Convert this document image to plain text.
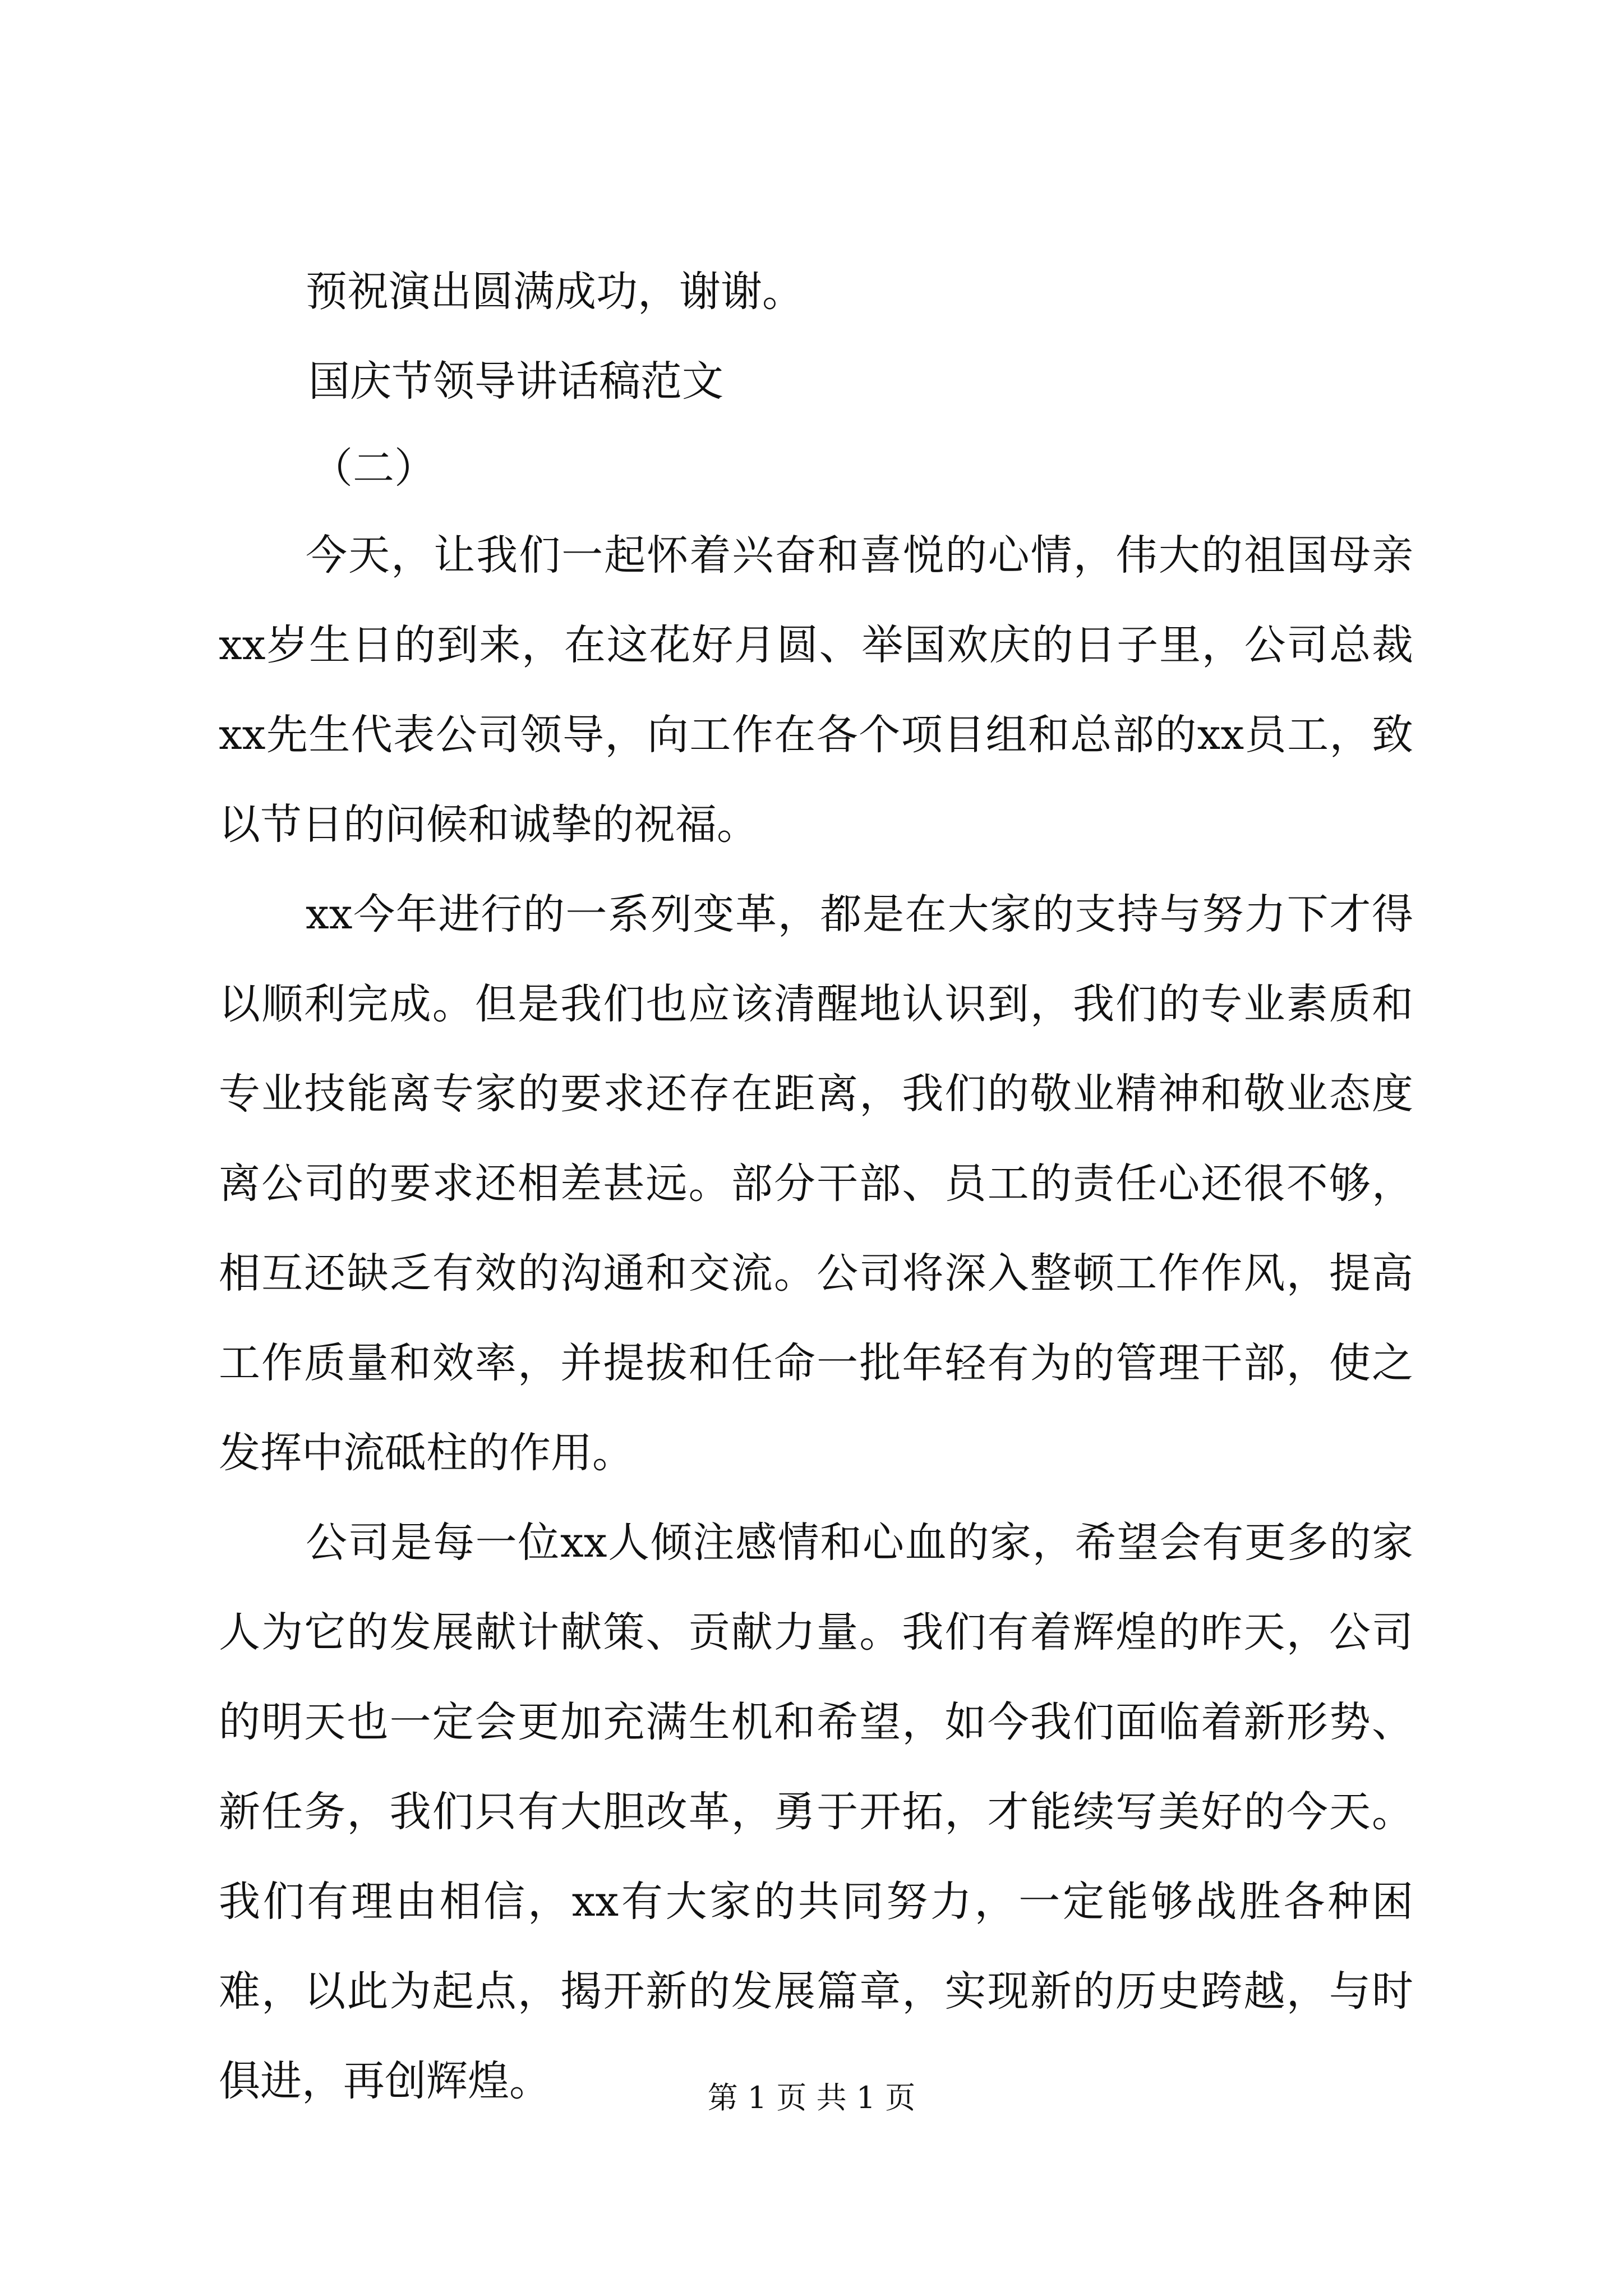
预祝演出圆满成功，谢谢。
国庆节领导讲话稿范文
（二）

今天，让我们一起怀着兴奋和喜悦的心情，伟大的祖国母亲xx岁生日的到来，在这花好月圆、举国欢庆的日子里，公司总裁xx先生代表公司领导，向工作在各个项目组和总部的xx员工，致以节日的问候和诚挚的祝福。

xx今年进行的一系列变革，都是在大家的支持与努力下才得以顺利完成。但是我们也应该清醒地认识到，我们的专业素质和专业技能离专家的要求还存在距离，我们的敬业精神和敬业态度离公司的要求还相差甚远。部分干部、员工的责任心还很不够，相互还缺乏有效的沟通和交流。公司将深入整顿工作作风，提高工作质量和效率，并提拔和任命一批年轻有为的管理干部，使之发挥中流砥柱的作用。

公司是每一位xx人倾注感情和心血的家，希望会有更多的家人为它的发展献计献策、贡献力量。我们有着辉煌的昨天，公司的明天也一定会更加充满生机和希望，如今我们面临着新形势、新任务，我们只有大胆改革，勇于开拓，才能续写美好的今天。我们有理由相信，xx有大家的共同努力，一定能够战胜各种困难，以此为起点，揭开新的发展篇章，实现新的历史跨越，与时俱进，再创辉煌。	第 1 页 共 1 页
